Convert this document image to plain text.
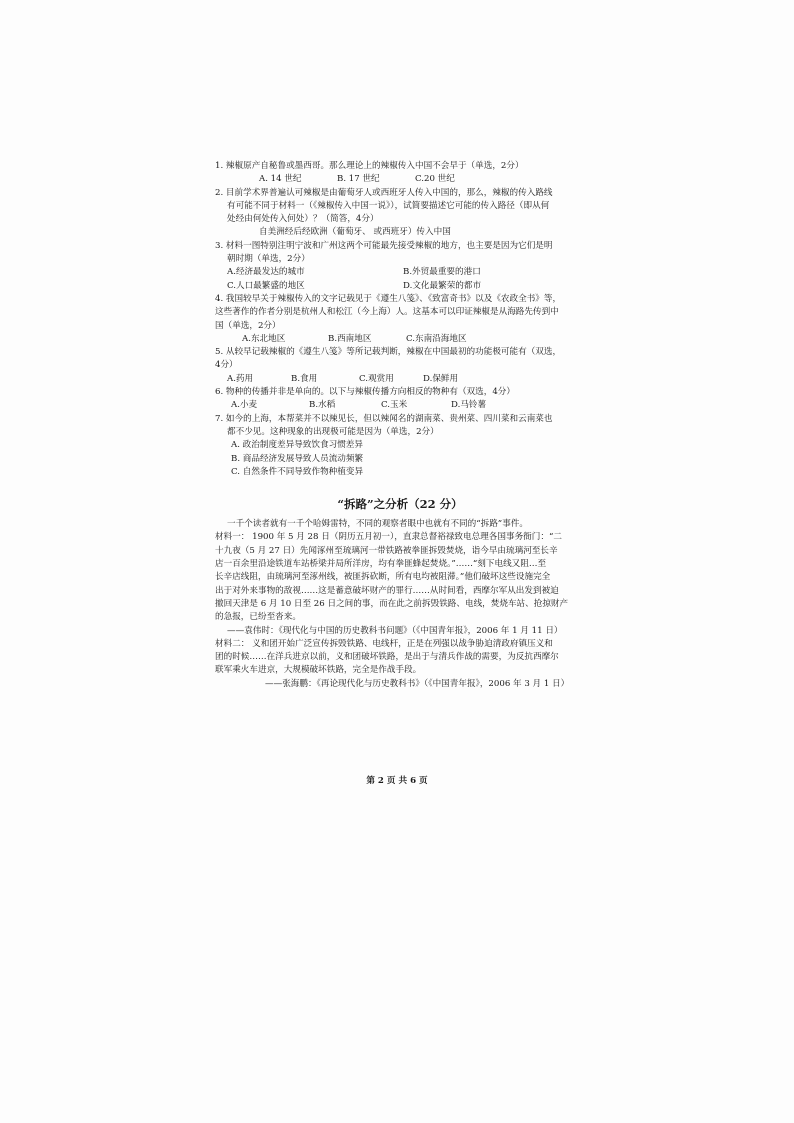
1. 辣椒原产自秘鲁或墨西哥。那么理论上的辣椒传入中国不会早于（单选，2分）
A. 14 世纪	B. 17 世纪	C.20 世纪
2. 目前学术界普遍认可辣椒是由葡萄牙人或西班牙人传入中国的，那么，辣椒的传入路线
有可能不同于材料一（《辣椒传入中国一说》），试简要描述它可能的传入路径（即从何
处经由何处传入何处）？（简答，4分）
自美洲经后经欧洲（葡萄牙、 或西班牙）传入中国
3. 材料一图特别注明宁波和广州这两个可能最先接受辣椒的地方，也主要是因为它们是明
朝时期（单选，2分）
A.经济最发达的城市	B.外贸最重要的港口
C.人口最繁盛的地区	D.文化最繁荣的都市
4. 我国较早关于辣椒传入的文字记载见于《遵生八笺》、《致富奇书》以及《农政全书》等，
这些著作的作者分别是杭州人和松江（今上海）人。这基本可以印证辣椒是从海路先传到中
国（单选，2分）
A.东北地区	B.西南地区	C.东南沿海地区
5. 从较早记载辣椒的《遵生八笺》等所记载判断，辣椒在中国最初的功能极可能有（双选，
4分）
A.药用	B.食用	C.观赏用	D.保鲜用
6. 物种的传播并非是单向的。以下与辣椒传播方向相反的物种有（双选，4分）
A.小麦	B.水稻	C.玉米	D.马铃薯
7. 如今的上海，本帮菜并不以辣见长，但以辣闻名的湖南菜、贵州菜、四川菜和云南菜也
都不少见。这种现象的出现极可能是因为（单选，2分）
A. 政治制度差异导致饮食习惯差异
B. 商品经济发展导致人员流动频繁
C. 自然条件不同导致作物种植变异
“拆路”之分析（22 分）
一千个读者就有一千个哈姆雷特，不同的观察者眼中也就有不同的“拆路”事件。
材料一： 1900 年 5 月 28 日（阴历五月初一），直隶总督裕禄致电总理各国事务衙门：“二
十九夜（5 月 27 日）先闻涿州至琉璃河一带铁路被拳匪拆毁焚烧，诣今早由琉璃河至长辛
店一百余里沿途铁道车站桥梁并局所洋房，均有拳匪蜂起焚烧。”……“刻下电线又阻…至
长辛店线阻，由琉璃河至涿州线，被匪拆砍断，所有电均被阻滞。”他们破坏这些设施完全
出于对外来事物的敌视……这是蓄意破坏财产的罪行……从时间看，西摩尔军从出发到被迫
撤回天津是 6 月 10 日至 26 日之间的事，而在此之前拆毁铁路、电线，焚烧车站、抢掠财产
的急报，已纷至沓来。
——袁伟时：《现代化与中国的历史教科书问题》（《中国青年报》，2006 年 1 月 11 日）
材料二： 义和团开始广泛宣传拆毁铁路、电线杆，正是在列强以战争胁迫清政府镇压义和
团的时候……在洋兵进京以前，义和团破坏铁路，是出于与清兵作战的需要，为反抗西摩尔
联军乘火车进京，大规模破坏铁路，完全是作战手段。
——张海鹏：《再论现代化与历史教科书》（《中国青年报》，2006 年 3 月 1 日）
第 2 页 共 6 页
